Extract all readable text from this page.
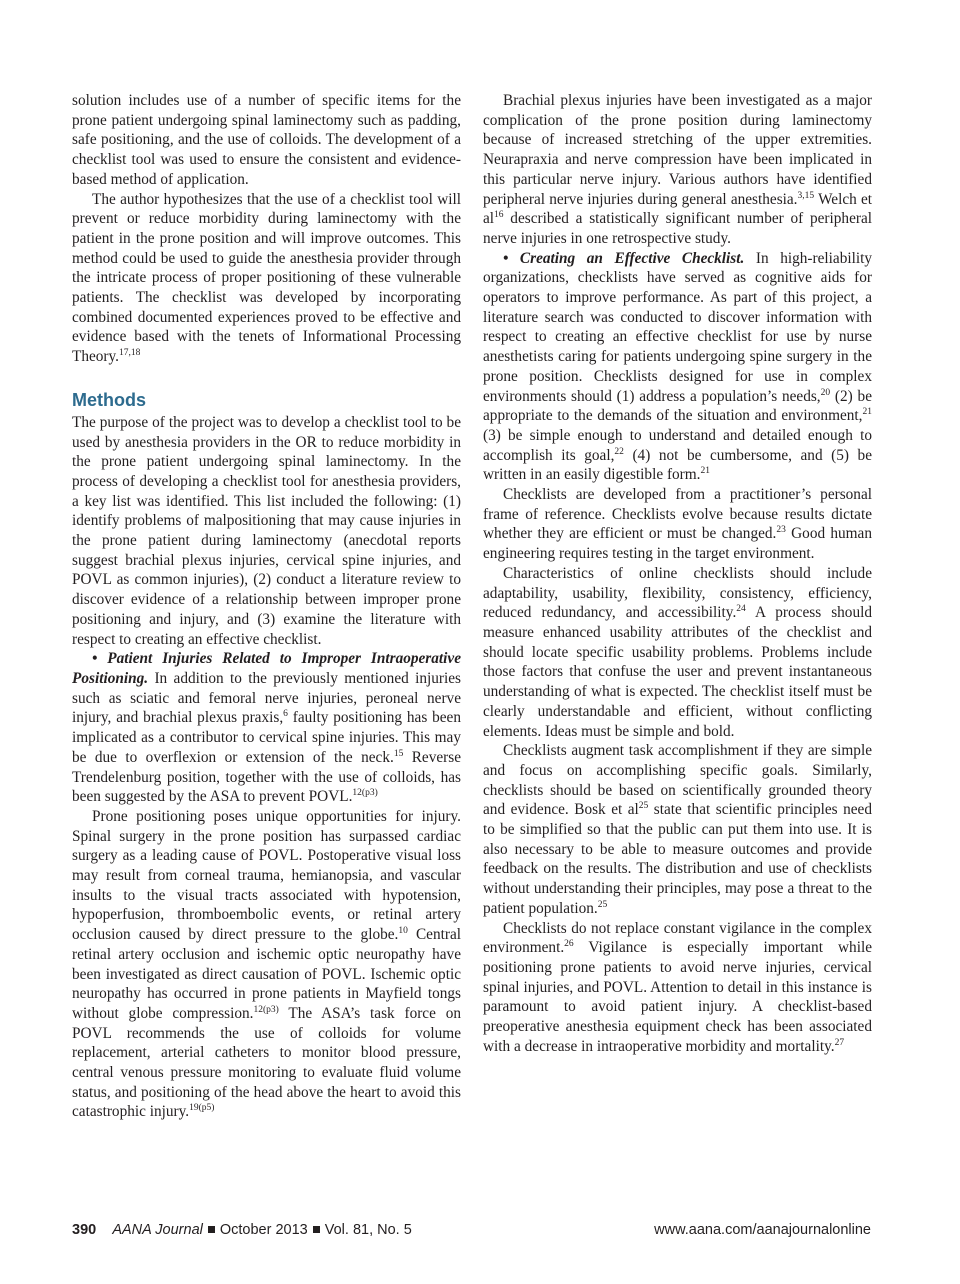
solution includes use of a number of specific items for the prone patient undergoing spinal laminectomy such as padding, safe positioning, and the use of colloids. The development of a checklist tool was used to ensure the consistent and evidence-based method of application.

The author hypothesizes that the use of a checklist tool will prevent or reduce morbidity during laminectomy with the patient in the prone position and will improve outcomes. This method could be used to guide the anesthesia provider through the intricate process of proper positioning of these vulnerable patients. The checklist was developed by incorporating combined documented experiences proved to be effective and evidence based with the tenets of Informational Processing Theory.$^{17,18}$

Methods

The purpose of the project was to develop a checklist tool to be used by anesthesia providers in the OR to reduce morbidity in the prone patient undergoing spinal laminectomy. In the process of developing a checklist tool for anesthesia providers, a key list was identified. This list included the following: (1) identify problems of malpositioning that may cause injuries in the prone patient during laminectomy (anecdotal reports suggest brachial plexus injuries, cervical spine injuries, and POVL as common injuries), (2) conduct a literature review to discover evidence of a relationship between improper prone positioning and injury, and (3) examine the literature with respect to creating an effective checklist.

• Patient Injuries Related to Improper Intraoperative Positioning. In addition to the previously mentioned injuries such as sciatic and femoral nerve injuries, peroneal nerve injury, and brachial plexus praxis,$^6$ faulty positioning has been implicated as a contributor to cervical spine injuries. This may be due to overflexion or extension of the neck.$^{15}$ Reverse Trendelenburg position, together with the use of colloids, has been suggested by the ASA to prevent POVL.$^{12(p3)}$

Prone positioning poses unique opportunities for injury. Spinal surgery in the prone position has surpassed cardiac surgery as a leading cause of POVL. Postoperative visual loss may result from corneal trauma, hemianopsia, and vascular insults to the visual tracts associated with hypotension, hypoperfusion, thromboembolic events, or retinal artery occlusion caused by direct pressure to the globe.$^{10}$ Central retinal artery occlusion and ischemic optic neuropathy have been investigated as direct causation of POVL. Ischemic optic neuropathy has occurred in prone patients in Mayfield tongs without globe compression.$^{12(p3)}$ The ASA’s task force on POVL recommends the use of colloids for volume replacement, arterial catheters to monitor blood pressure, central venous pressure monitoring to evaluate fluid volume status, and positioning of the head above the heart to avoid this catastrophic injury.$^{19(p5)}$

Brachial plexus injuries have been investigated as a major complication of the prone position during laminectomy because of increased stretching of the upper extremities. Neurapraxia and nerve compression have been implicated in this particular nerve injury. Various authors have identified peripheral nerve injuries during general anesthesia.$^{3,15}$ Welch et $al^{16}$ described a statistically significant number of peripheral nerve injuries in one retrospective study.

• Creating an Effective Checklist. In high-reliability organizations, checklists have served as cognitive aids for operators to improve performance. As part of this project, a literature search was conducted to discover information with respect to creating an effective checklist for use by nurse anesthetists caring for patients undergoing spine surgery in the prone position. Checklists designed for use in complex environments should (1) address a population’s needs,$^{20}$ (2) be appropriate to the demands of the situation and environment,$^{21}$ (3) be simple enough to understand and detailed enough to accomplish its goal,$^{22}$ (4) not be cumbersome, and (5) be written in an easily digestible form.$^{21}$

Checklists are developed from a practitioner’s personal frame of reference. Checklists evolve because results dictate whether they are efficient or must be changed.$^{23}$ Good human engineering requires testing in the target environment.

Characteristics of online checklists should include adaptability, usability, flexibility, consistency, efficiency, reduced redundancy, and accessibility.$^{24}$ A process should measure enhanced usability attributes of the checklist and should locate specific usability problems. Problems include those factors that confuse the user and prevent instantaneous understanding of what is expected. The checklist itself must be clearly understandable and efficient, without conflicting elements. Ideas must be simple and bold.

Checklists augment task accomplishment if they are simple and focus on accomplishing specific goals. Similarly, checklists should be based on scientifically grounded theory and evidence. Bosk et $al^{25}$ state that scientific principles need to be simplified so that the public can put them into use. It is also necessary to be able to measure outcomes and provide feedback on the results. The distribution and use of checklists without understanding their principles, may pose a threat to the patient population.$^{25}$

Checklists do not replace constant vigilance in the complex environment.$^{26}$ Vigilance is especially important while positioning prone patients to avoid nerve injuries, cervical spinal injuries, and POVL. Attention to detail in this instance is paramount to avoid patient injury. A checklist-based preoperative anesthesia equipment check has been associated with a decrease in intraoperative morbidity and mortality.$^{27}$

390 AANA Journal October 2013 Vol. 81, No. 5	www.aana.com/aanajournalonline
